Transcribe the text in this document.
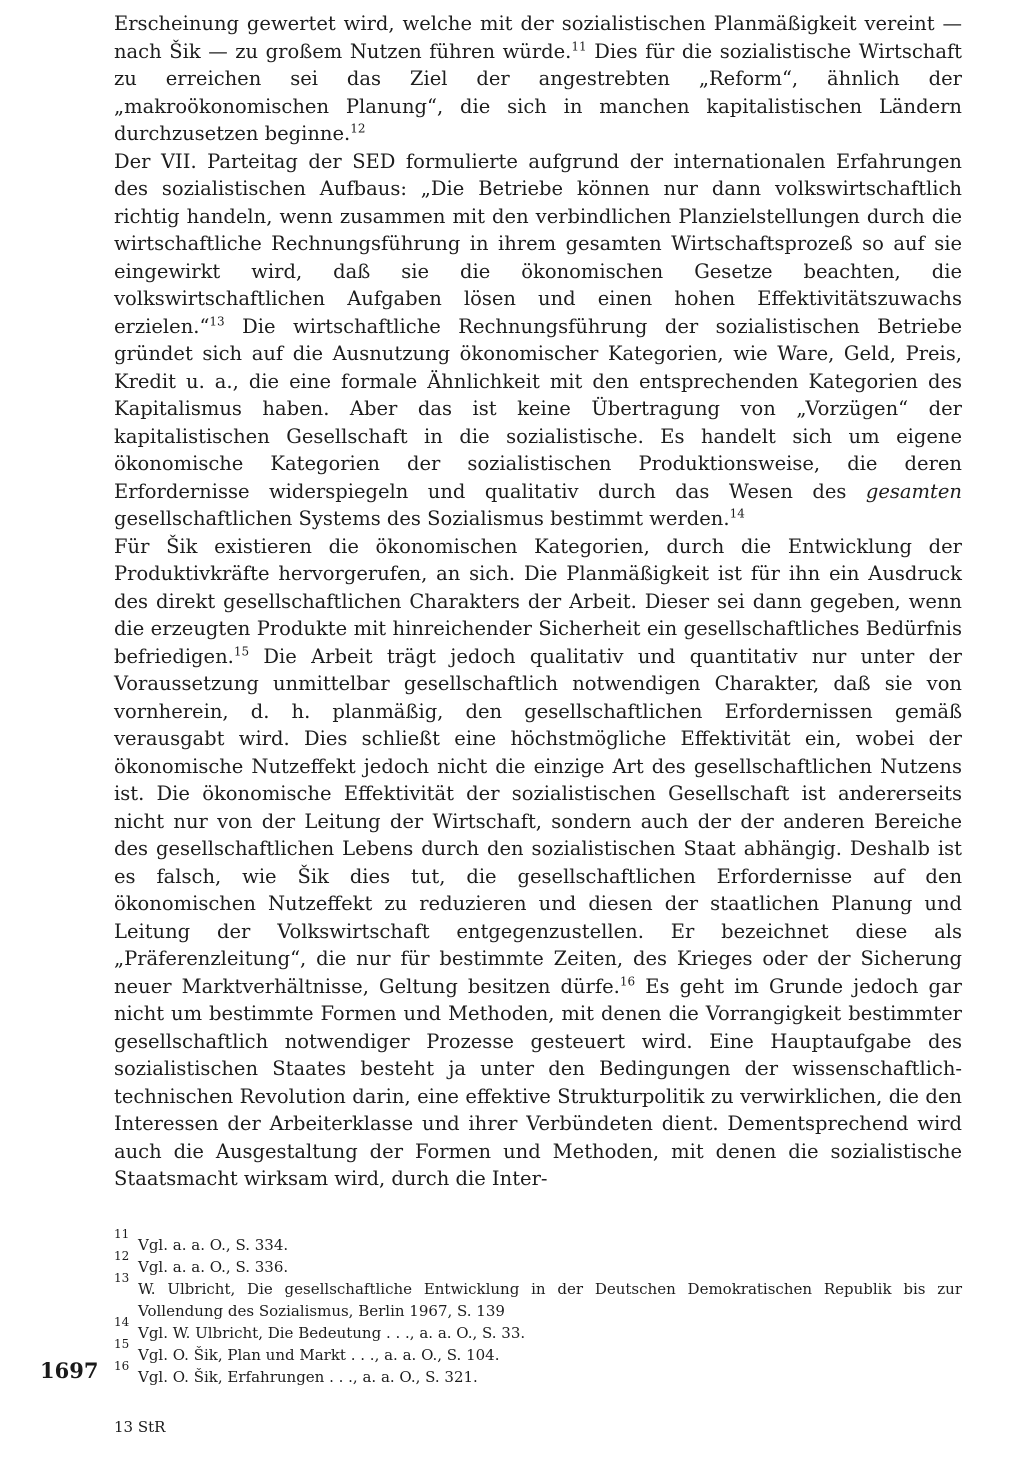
Erscheinung gewertet wird, welche mit der sozialistischen Planmäßigkeit vereint — nach Šik — zu großem Nutzen führen würde.$^{11}$ Dies für die sozialistische Wirtschaft zu erreichen sei das Ziel der angestrebten „Reform“, ähnlich der „makroökonomischen Planung“, die sich in manchen kapitalistischen Ländern durchzusetzen beginne.$^{12}$

Der VII. Parteitag der SED formulierte aufgrund der internationalen Erfahrungen des sozialistischen Aufbaus: „Die Betriebe können nur dann volkswirtschaftlich richtig handeln, wenn zusammen mit den verbindlichen Planzielstellungen durch die wirtschaftliche Rechnungsführung in ihrem gesamten Wirtschaftsprozeß so auf sie eingewirkt wird, daß sie die ökonomischen Gesetze beachten, die volkswirtschaftlichen Aufgaben lösen und einen hohen Effektivitätszuwachs erzielen.“$^{13}$ Die wirtschaftliche Rechnungsführung der sozialistischen Betriebe gründet sich auf die Ausnutzung ökonomischer Kategorien, wie Ware, Geld, Preis, Kredit u. a., die eine formale Ähnlichkeit mit den entsprechenden Kategorien des Kapitalismus haben. Aber das ist keine Übertragung von „Vorzügen“ der kapitalistischen Gesellschaft in die sozialistische. Es handelt sich um eigene ökonomische Kategorien der sozialistischen Produktionsweise, die deren Erfordernisse widerspiegeln und qualitativ durch das Wesen des gesamten gesellschaftlichen Systems des Sozialismus bestimmt werden.$^{14}$

Für Šik existieren die ökonomischen Kategorien, durch die Entwicklung der Produktivkräfte hervorgerufen, an sich. Die Planmäßigkeit ist für ihn ein Ausdruck des direkt gesellschaftlichen Charakters der Arbeit. Dieser sei dann gegeben, wenn die erzeugten Produkte mit hinreichender Sicherheit ein gesellschaftliches Bedürfnis befriedigen.$^{15}$ Die Arbeit trägt jedoch qualitativ und quantitativ nur unter der Voraussetzung unmittelbar gesellschaftlich notwendigen Charakter, daß sie von vornherein, d. h. planmäßig, den gesellschaftlichen Erfordernissen gemäß verausgabt wird. Dies schließt eine höchstmögliche Effektivität ein, wobei der ökonomische Nutzeffekt jedoch nicht die einzige Art des gesellschaftlichen Nutzens ist. Die ökonomische Effektivität der sozialistischen Gesellschaft ist andererseits nicht nur von der Leitung der Wirtschaft, sondern auch der der anderen Bereiche des gesellschaftlichen Lebens durch den sozialistischen Staat abhängig. Deshalb ist es falsch, wie Šik dies tut, die gesellschaftlichen Erfordernisse auf den ökonomischen Nutzeffekt zu reduzieren und diesen der staatlichen Planung und Leitung der Volkswirtschaft entgegenzustellen. Er bezeichnet diese als „Präferenzleitung“, die nur für bestimmte Zeiten, des Krieges oder der Sicherung neuer Marktverhältnisse, Geltung besitzen dürfe.$^{16}$ Es geht im Grunde jedoch gar nicht um bestimmte Formen und Methoden, mit denen die Vorrangigkeit bestimmter gesellschaftlich notwendiger Prozesse gesteuert wird. Eine Hauptaufgabe des sozialistischen Staates besteht ja unter den Bedingungen der wissenschaftlich-technischen Revolution darin, eine effektive Strukturpolitik zu verwirklichen, die den Interessen der Arbeiterklasse und ihrer Verbündeten dient. Dementsprechend wird auch die Ausgestaltung der Formen und Methoden, mit denen die sozialistische Staatsmacht wirksam wird, durch die Inter-

11
Vgl. a. a. O., S. 334.
12
Vgl. a. a. O., S. 336.
13
W. Ulbricht, Die gesellschaftliche Entwicklung in der Deutschen Demokratischen Republik bis zur Vollendung des Sozialismus, Berlin 1967, S. 139
14
Vgl. W. Ulbricht, Die Bedeutung . . ., a. a. O., S. 33.
15
Vgl. O. Šik, Plan und Markt . . ., a. a. O., S. 104.
16
Vgl. O. Šik, Erfahrungen . . ., a. a. O., S. 321.
1697
13 StR
